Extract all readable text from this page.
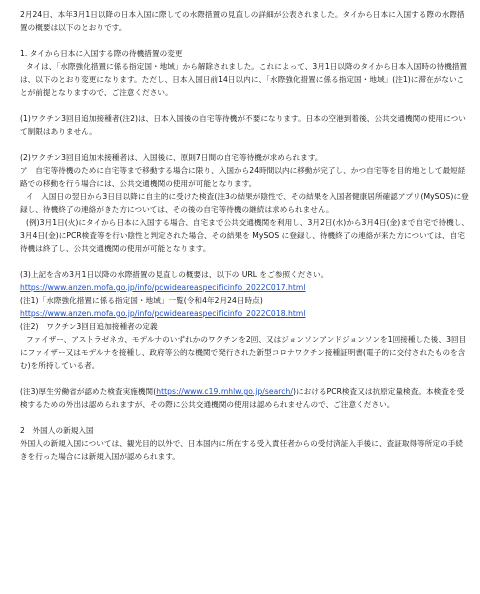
2月24日、本年3月1日以降の日本入国に際しての水際措置の見直しの詳細が公表されました。タイから日本に入国する際の水際措置の概要は以下のとおりです。

1. タイから日本に入国する際の待機措置の変更

タイは、「水際強化措置に係る指定国・地域」から解除されました。これによって、3月1日以降のタイから日本入国時の待機措置は、以下のとおり変更になります。ただし、日本入国日前14日以内に、「水際強化措置に係る指定国・地域」(注1)に滞在がないことが前提となりますので、ご注意ください。

(1)ワクチン3回目追加接種者(注2)は、日本入国後の自宅等待機が不要になります。日本の空港到着後、公共交通機関の使用について制限はありません。

(2)ワクチン3回目追加未接種者は、入国後に、原則7日間の自宅等待機が求められます。

ア　自宅等待機のために自宅等まで移動する場合に限り、入国から24時間以内に移動が完了し、かつ自宅等を目的地として最短経路での移動を行う場合には、公共交通機関の使用が可能となります。

イ　入国日の翌日から3日目以降に自主的に受けた検査(注3の結果が陰性で、その結果を入国者健康居所確認アプリ(MySOS)に登録し、待機終了の連絡がきた方については、その後の自宅等待機の継続は求められません。

(例)3月1日(火)にタイから日本に入国する場合、自宅まで公共交通機関を利用し、3月2日(水)から3月4日(金)まで自宅で待機し、3月4日(金)にPCR検査等を行い陰性と判定された場合、その結果を MySOS に登録し、待機終了の連絡が来た方については、自宅待機は終了し、公共交通機関の使用が可能となります。

(3)上記を含め3月1日以降の水際措置の見直しの概要は、以下の URL をご参照ください。

https://www.anzen.mofa.go.jp/info/pcwideareaspecificinfo_2022C017.html

(注1)「水際強化措置に係る指定国・地域」一覧(令和4年2月24日時点)

https://www.anzen.mofa.go.jp/info/pcwideareaspecificinfo_2022C018.html

(注2)　ワクチン3回目追加接種者の定義

ファイザー、アストラゼネカ、モデルナのいずれかのワクチンを2回、又はジョンソンアンドジョンソンを1回接種した後、3回目にファイザー又はモデルナを接種し、政府等公的な機関で発行された新型コロナワクチン接種証明書(電子的に交付されたものを含む)を所持している者。

(注3)厚生労働省が認めた検査実施機関(https://www.c19.mhlw.go.jp/search/)におけるPCR検査又は抗原定量検査。本検査を受検するための外出は認められますが、その際に公共交通機関の使用は認められませんので、ご注意ください。

2　外国人の新規入国

外国人の新規入国については、観光目的以外で、日本国内に所在する受入責任者からの受付済証入手後に、査証取得等所定の手続きを行った場合には新規入国が認められます。
